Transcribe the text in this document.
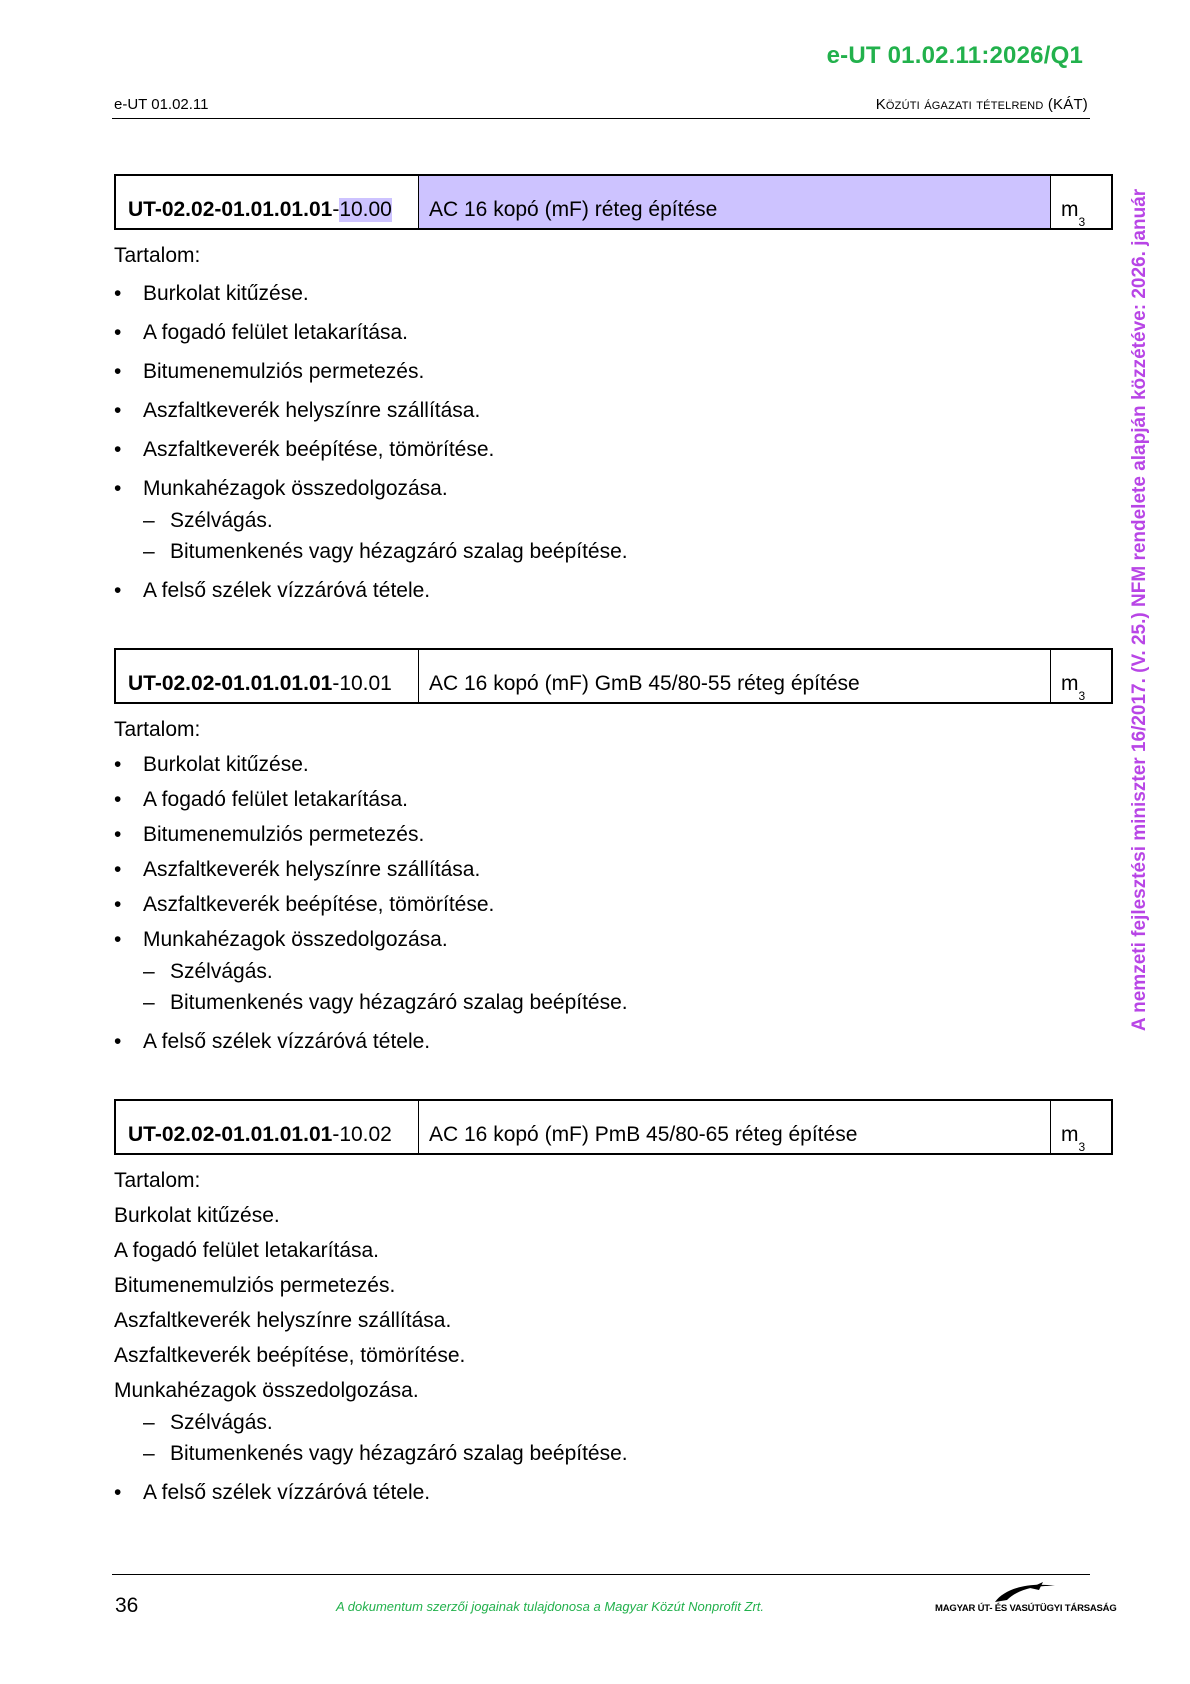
e-UT 01.02.11:2026/Q1
e-UT 01.02.11	Közúti ágazati tételrend (KÁT)
A nemzeti fejlesztési miniszter 16/2017. (V. 25.) NFM rendelete alapján közzétéve: 2026. január
UT-02.02-01.01.01.01 - 10.00 AC 16 kopó (mF) réteg építése	m
3
Tartalom:
• Burkolat kitűzése.
• A fogadó felület letakarítása.
• Bitumenemulziós permetezés.
• Aszfaltkeverék helyszínre szállítása.
• Aszfaltkeverék beépítése, tömörítése.
• Munkahézagok összedolgozása.
– Szélvágás.
– Bitumenkenés vagy hézagzáró szalag beépítése.
• A felső szélek vízzáróvá tétele.
UT-02.02-01.01.01.01 - 10.01 AC 16 kopó (mF) GmB 45/80-55 réteg építése	m
3
Tartalom:
• Burkolat kitűzése.
• A fogadó felület letakarítása.
• Bitumenemulziós permetezés.
• Aszfaltkeverék helyszínre szállítása.
• Aszfaltkeverék beépítése, tömörítése.
• Munkahézagok összedolgozása.
– Szélvágás.
– Bitumenkenés vagy hézagzáró szalag beépítése.
• A felső szélek vízzáróvá tétele.
UT-02.02-01.01.01.01 - 10.02 AC 16 kopó (mF) PmB 45/80-65 réteg építése	m
3
Tartalom:
Burkolat kitűzése.
A fogadó felület letakarítása.
Bitumenemulziós permetezés.
Aszfaltkeverék helyszínre szállítása.
Aszfaltkeverék beépítése, tömörítése.
Munkahézagok összedolgozása.
– Szélvágás.
– Bitumenkenés vagy hézagzáró szalag beépítése.
• A felső szélek vízzáróvá tétele.
36	A dokumentum szerzői jogainak tulajdonosa a Magyar Közút Nonprofit Zrt.	MAGYAR ÚT- ÉS VASÚTÜGYI TÁRSASÁG
